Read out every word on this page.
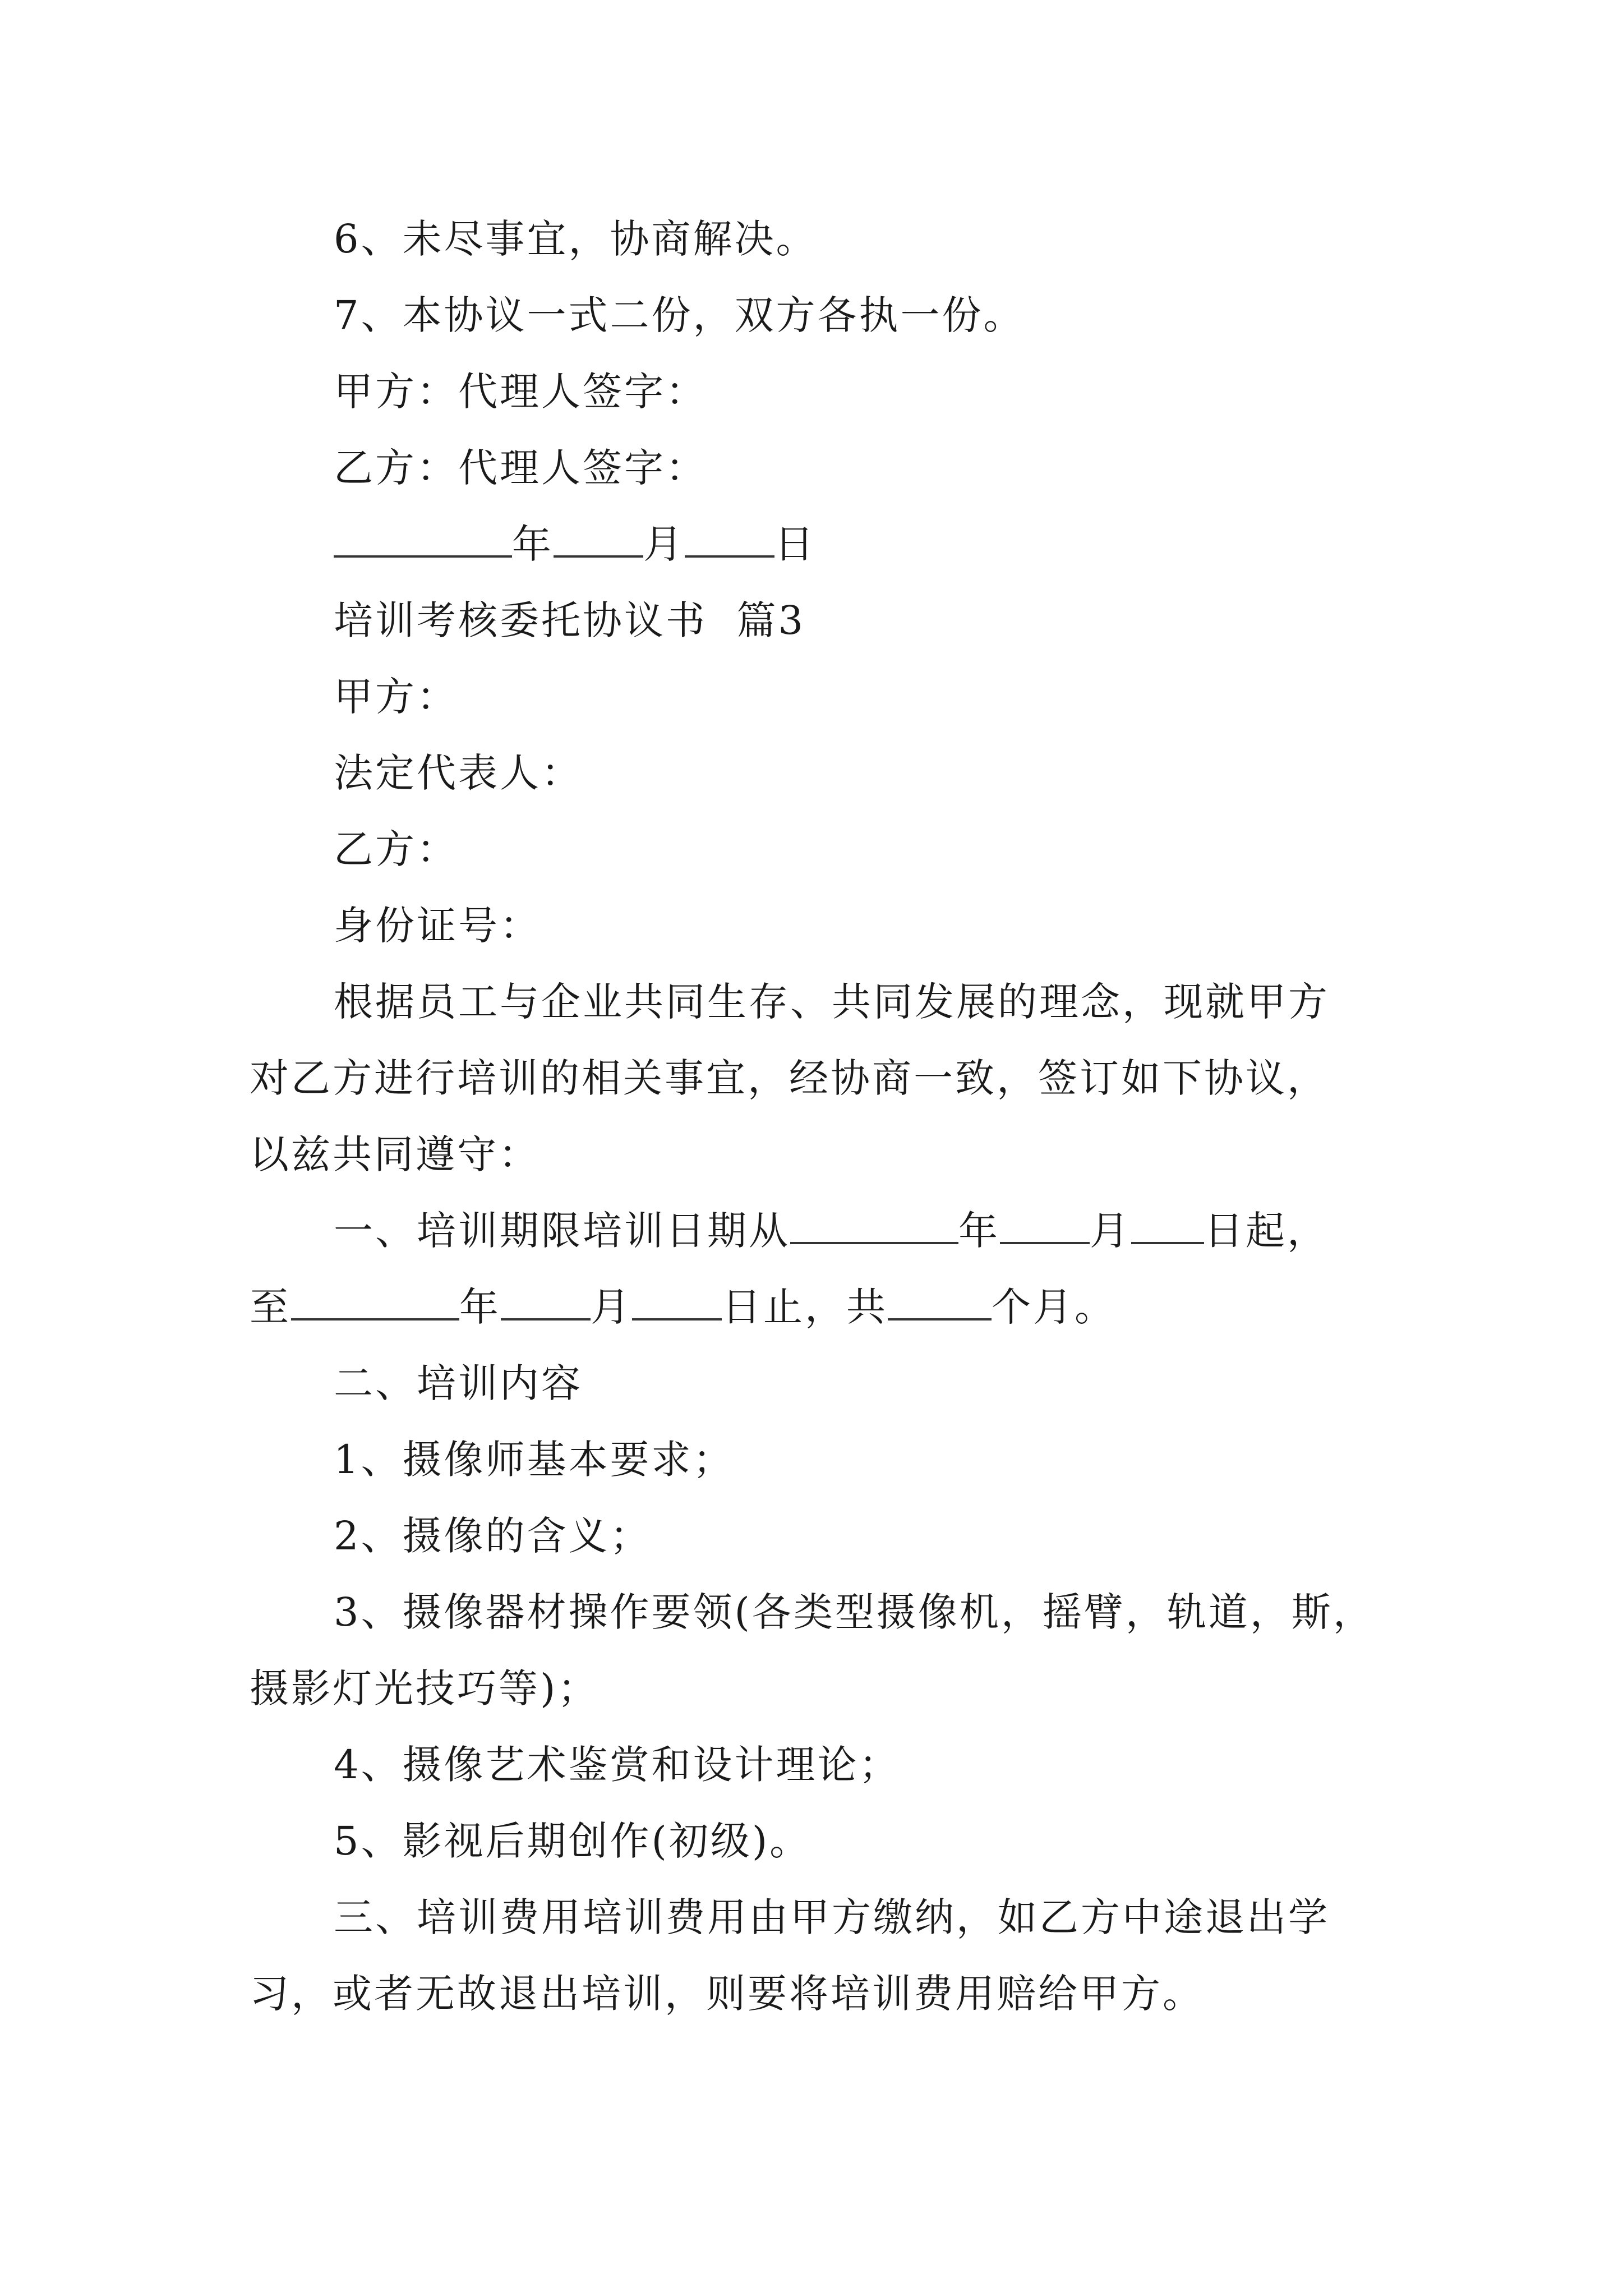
6、未尽事宜，协商解决。
7、本协议一式二份，双方各执一份。
甲方：代理人签字：
乙方：代理人签字：
年 月 日
培训考核委托协议书  篇3
甲方：
法定代表人：
乙方：
身份证号：
根据员工与企业共同生存、共同发展的理念，现就甲方
对乙方进行培训的相关事宜，经协商一致，签订如下协议，
以兹共同遵守：
一、培训期限培训日期从	年 月 日起，
至	年 月 日止，共	个月。
二、培训内容
1、摄像师基本要求；
2、摄像的含义；
3、摄像器材操作要领(各类型摄像机，摇臂，轨道，斯，
摄影灯光技巧等)；
4、摄像艺术鉴赏和设计理论；
5、影视后期创作(初级)。
三、培训费用培训费用由甲方缴纳，如乙方中途退出学
习，或者无故退出培训，则要将培训费用赔给甲方。
